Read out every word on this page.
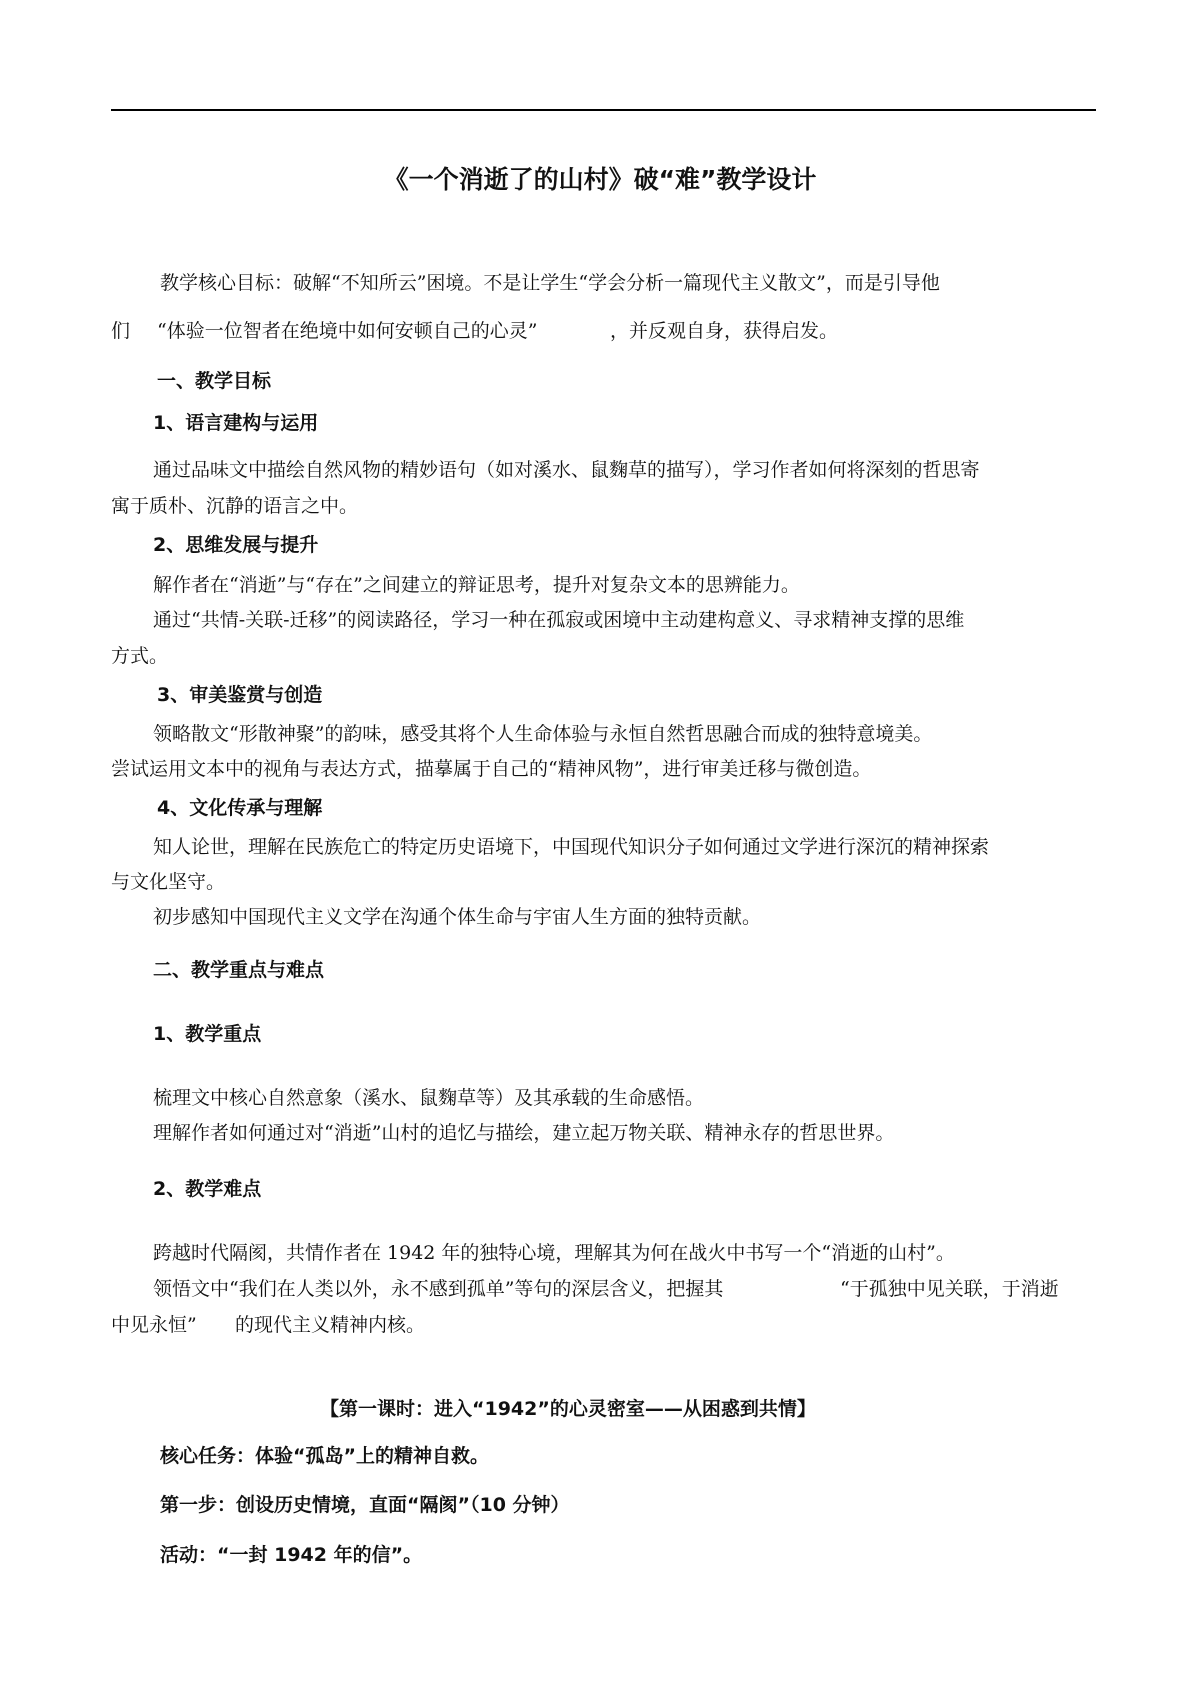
《一个消逝了的山村》破“难”教学设计
教学核心目标：破解“不知所云”困境。不是让学生“学会分析一篇现代主义散文”，而是引导他
们 “体验一位智者在绝境中如何安顿自己的心灵”	，并反观自身，获得启发。
一、教学目标
1、语言建构与运用
通过品味文中描绘自然风物的精妙语句（如对溪水、鼠麴草的描写），学习作者如何将深刻的哲思寄
寓于质朴、沉静的语言之中。
2、思维发展与提升
解作者在“消逝”与“存在”之间建立的辩证思考，提升对复杂文本的思辨能力。
通过“共情-关联-迁移”的阅读路径，学习一种在孤寂或困境中主动建构意义、寻求精神支撑的思维
方式。
3、审美鉴赏与创造
领略散文“形散神聚”的韵味，感受其将个人生命体验与永恒自然哲思融合而成的独特意境美。
尝试运用文本中的视角与表达方式，描摹属于自己的“精神风物”，进行审美迁移与微创造。
4、文化传承与理解
知人论世，理解在民族危亡的特定历史语境下，中国现代知识分子如何通过文学进行深沉的精神探索
与文化坚守。
初步感知中国现代主义文学在沟通个体生命与宇宙人生方面的独特贡献。
二、教学重点与难点
1、教学重点
梳理文中核心自然意象（溪水、鼠麴草等）及其承载的生命感悟。
理解作者如何通过对“消逝”山村的追忆与描绘，建立起万物关联、精神永存的哲思世界。
2、教学难点
跨越时代隔阂，共情作者在 1942 年的独特心境，理解其为何在战火中书写一个“消逝的山村”。
领悟文中“我们在人类以外，永不感到孤单”等句的深层含义，把握其	“于孤独中见关联，于消逝
中见永恒” 的现代主义精神内核。
【第一课时：进入“1942”的心灵密室——从困惑到共情】
核心任务：体验“孤岛”上的精神自救。
第一步：创设历史情境，直面“隔阂”（10 分钟）
活动：“一封 1942 年的信”。
